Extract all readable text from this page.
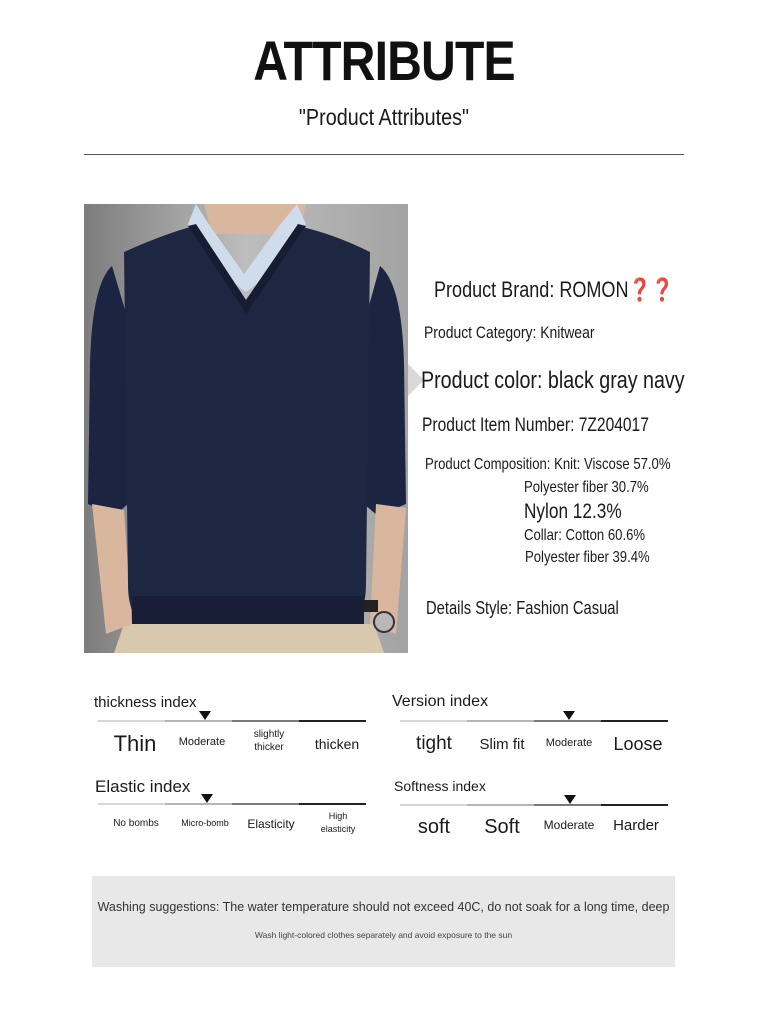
ATTRIBUTE
"Product Attributes"
Product Brand: ROMON❓❓
Product Category: Knitwear
Product color: black gray navy
Product Item Number: 7Z204017
Product Composition: Knit: Viscose 57.0%
Polyester fiber 30.7%
Nylon 12.3%
Collar: Cotton 60.6%
Polyester fiber 39.4%
Details Style: Fashion Casual
thickness index
Thin Moderate
slightly thicker	thicken
Version index
tight Slim fit Moderate Loose
Elastic index
No bombs Micro-bomb Elasticity
High elasticity
Softness index
soft Soft Moderate Harder
Washing suggestions: The water temperature should not exceed 40C, do not soak for a long time, deep
Wash light-colored clothes separately and avoid exposure to the sun
